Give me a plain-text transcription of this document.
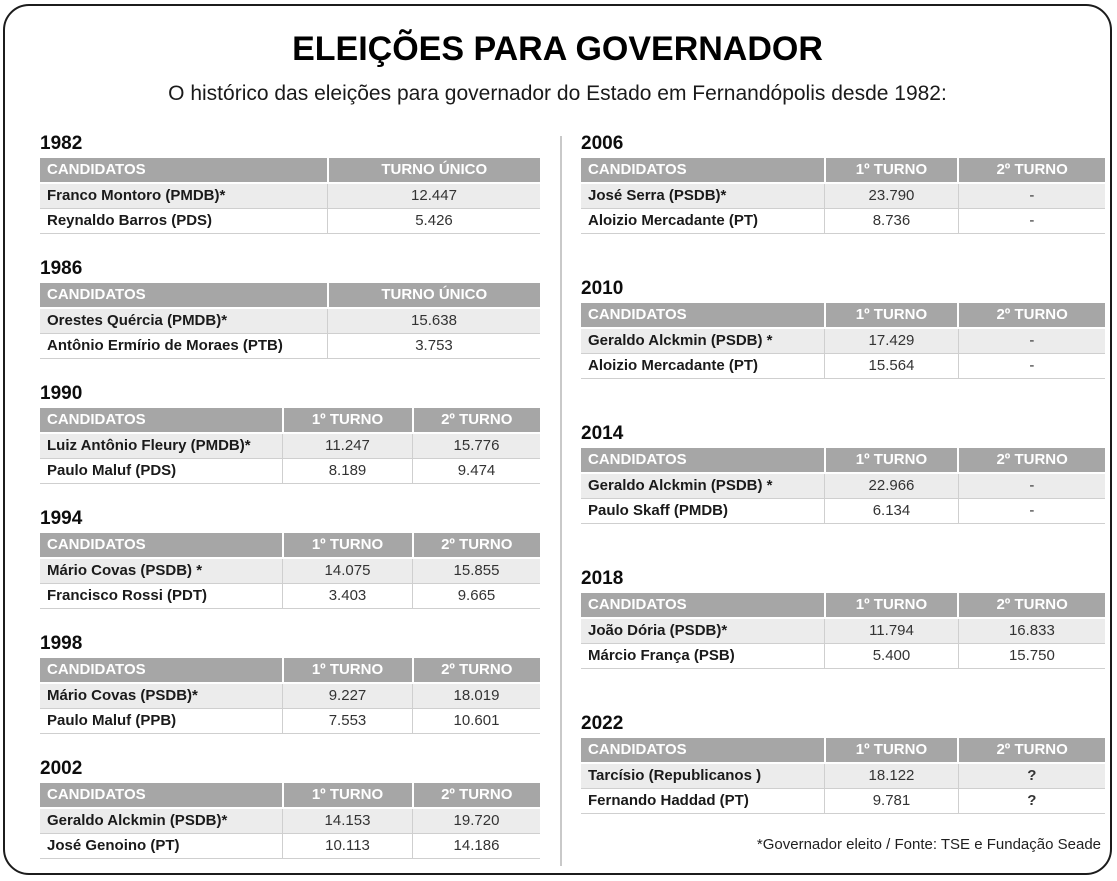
ELEIÇÕES PARA GOVERNADOR
O histórico das eleições para governador do Estado em Fernandópolis desde 1982:
1982
CANDIDATOS	TURNO ÚNICO
Franco Montoro (PMDB)*	12.447
Reynaldo Barros (PDS)	5.426
1986
CANDIDATOS	TURNO ÚNICO
Orestes Quércia (PMDB)*	15.638
Antônio Ermírio de Moraes (PTB)	3.753
1990
CANDIDATOS	1º TURNO	2º TURNO
Luiz Antônio Fleury (PMDB)*	11.247	15.776
Paulo Maluf (PDS)	8.189	9.474
1994
CANDIDATOS	1º TURNO	2º TURNO
Mário Covas (PSDB) *	14.075	15.855
Francisco Rossi (PDT)	3.403	9.665
1998
CANDIDATOS	1º TURNO	2º TURNO
Mário Covas (PSDB)*	9.227	18.019
Paulo Maluf (PPB)	7.553	10.601
2002
CANDIDATOS	1º TURNO	2º TURNO
Geraldo Alckmin (PSDB)*	14.153	19.720
José Genoino (PT)	10.113	14.186
2006
CANDIDATOS	1º TURNO	2º TURNO
José Serra (PSDB)*	23.790	-
Aloizio Mercadante (PT)	8.736	-
2010
CANDIDATOS	1º TURNO	2º TURNO
Geraldo Alckmin (PSDB) *	17.429	-
Aloizio Mercadante (PT)	15.564	-
2014
CANDIDATOS	1º TURNO	2º TURNO
Geraldo Alckmin (PSDB) *	22.966	-
Paulo Skaff (PMDB)	6.134	-
2018
CANDIDATOS	1º TURNO	2º TURNO
João Dória (PSDB)*	11.794	16.833
Márcio França (PSB)	5.400	15.750
2022
CANDIDATOS	1º TURNO	2º TURNO
Tarcísio (Republicanos )	18.122	?
Fernando Haddad (PT)	9.781	?
*Governador eleito / Fonte: TSE e Fundação Seade
